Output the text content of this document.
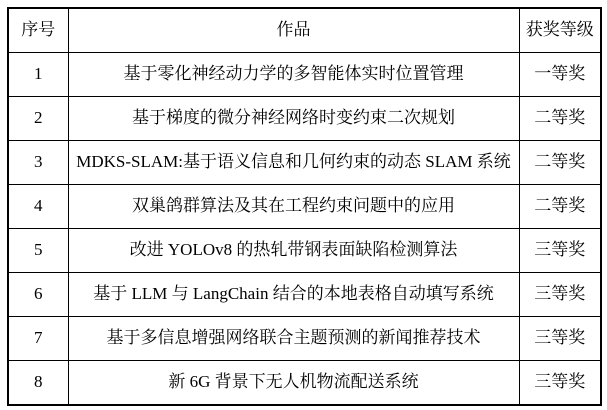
序号	作品	获奖等级
1	基于零化神经动力学的多智能体实时位置管理	一等奖
2	基于梯度的微分神经网络时变约束二次规划	二等奖
3	MDKS-SLAM:基于语义信息和几何约束的动态 SLAM 系统	二等奖
4	双巢鸽群算法及其在工程约束问题中的应用	二等奖
5	改进 YOLOv8 的热轧带钢表面缺陷检测算法	三等奖
6	基于 LLM 与 LangChain 结合的本地表格自动填写系统	三等奖
7	基于多信息增强网络联合主题预测的新闻推荐技术	三等奖
8	新 6G 背景下无人机物流配送系统	三等奖
